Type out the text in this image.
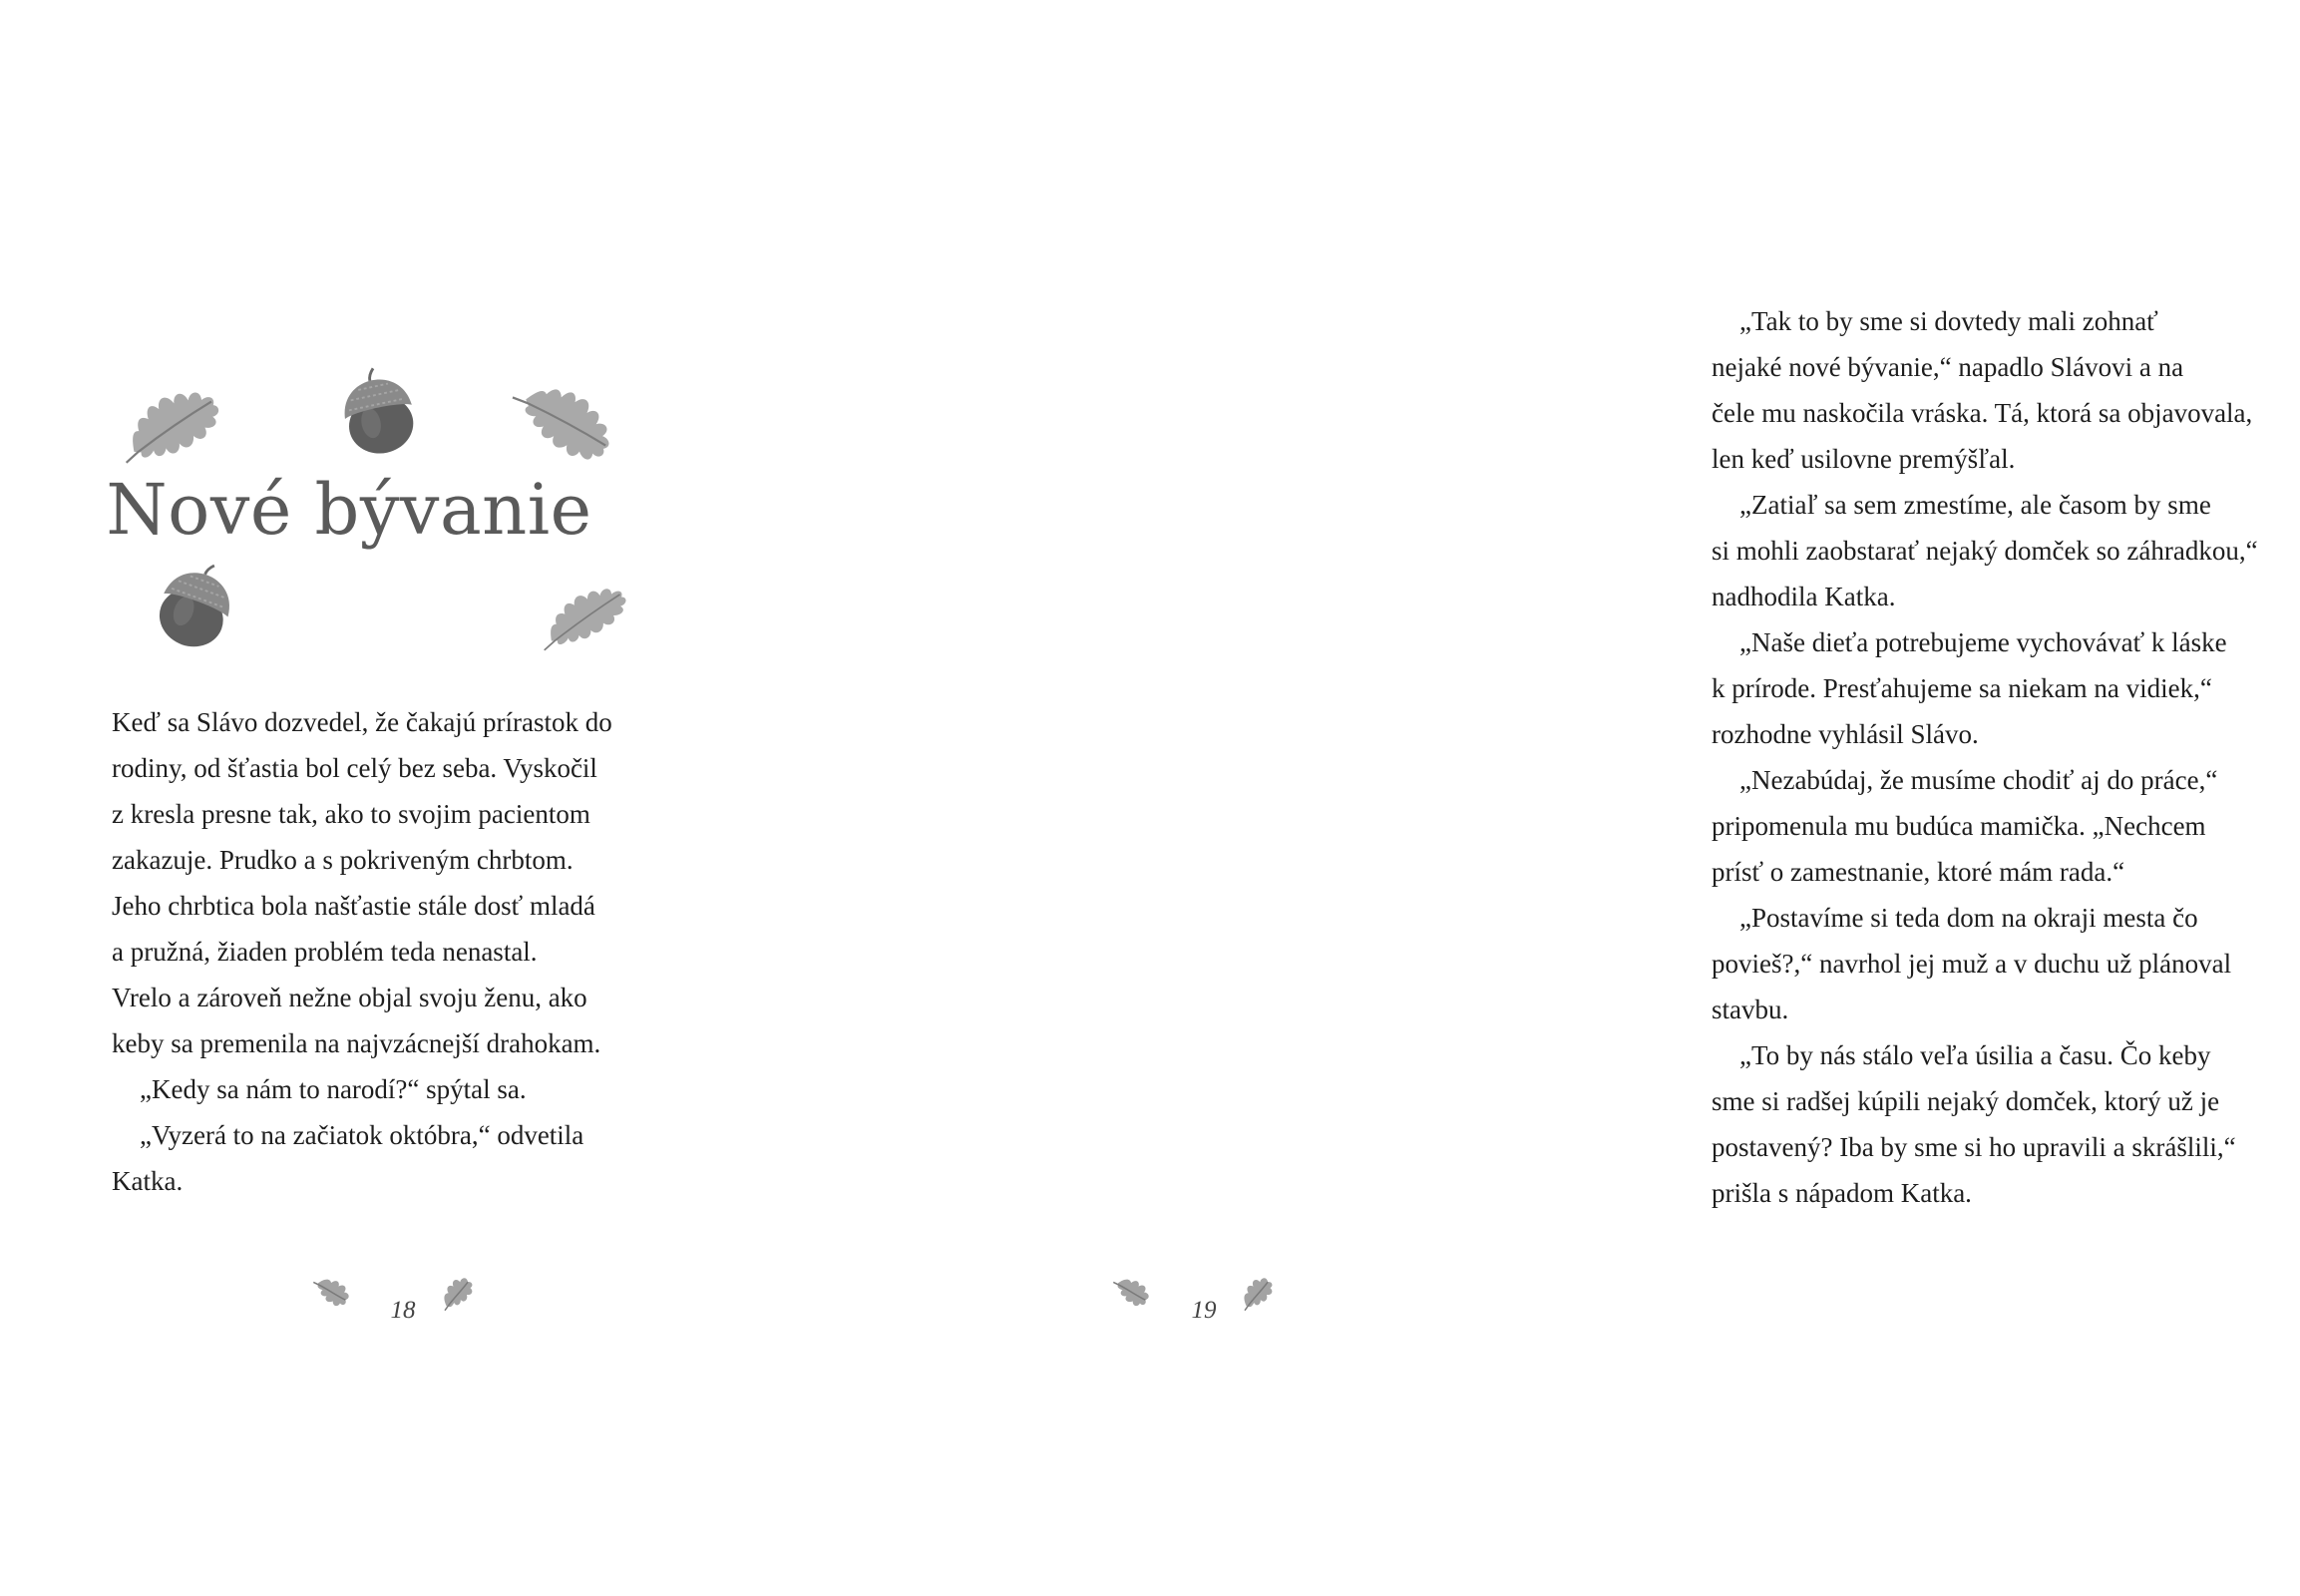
Nové bývanie
Keď sa Slávo dozvedel, že čakajú prírastok do
rodiny, od šťastia bol celý bez seba. Vyskočil
z kresla presne tak, ako to svojim pacientom
zakazuje. Prudko a s pokriveným chrbtom.
Jeho chrbtica bola našťastie stále dosť mladá
a pružná, žiaden problém teda nenastal.
Vrelo a zároveň nežne objal svoju ženu, ako
keby sa premenila na najvzácnejší drahokam.
„Kedy sa nám to narodí?“ spýtal sa.
„Vyzerá to na začiatok októbra,“ odvetila
Katka.
18
„Tak to by sme si dovtedy mali zohnať
nejaké nové bývanie,“ napadlo Slávovi a na
čele mu naskočila vráska. Tá, ktorá sa objavovala,
len keď usilovne premýšľal.
„Zatiaľ sa sem zmestíme, ale časom by sme
si mohli zaobstarať nejaký domček so záhradkou,“
nadhodila Katka.
„Naše dieťa potrebujeme vychovávať k láske
k prírode. Presťahujeme sa niekam na vidiek,“
rozhodne vyhlásil Slávo.
„Nezabúdaj, že musíme chodiť aj do práce,“
pripomenula mu budúca mamička. „Nechcem
prísť o zamestnanie, ktoré mám rada.“
„Postavíme si teda dom na okraji mesta čo
povieš?,“ navrhol jej muž a v duchu už plánoval
stavbu.
„To by nás stálo veľa úsilia a času. Čo keby
sme si radšej kúpili nejaký domček, ktorý už je
postavený? Iba by sme si ho upravili a skrášlili,“
prišla s nápadom Katka.
19
